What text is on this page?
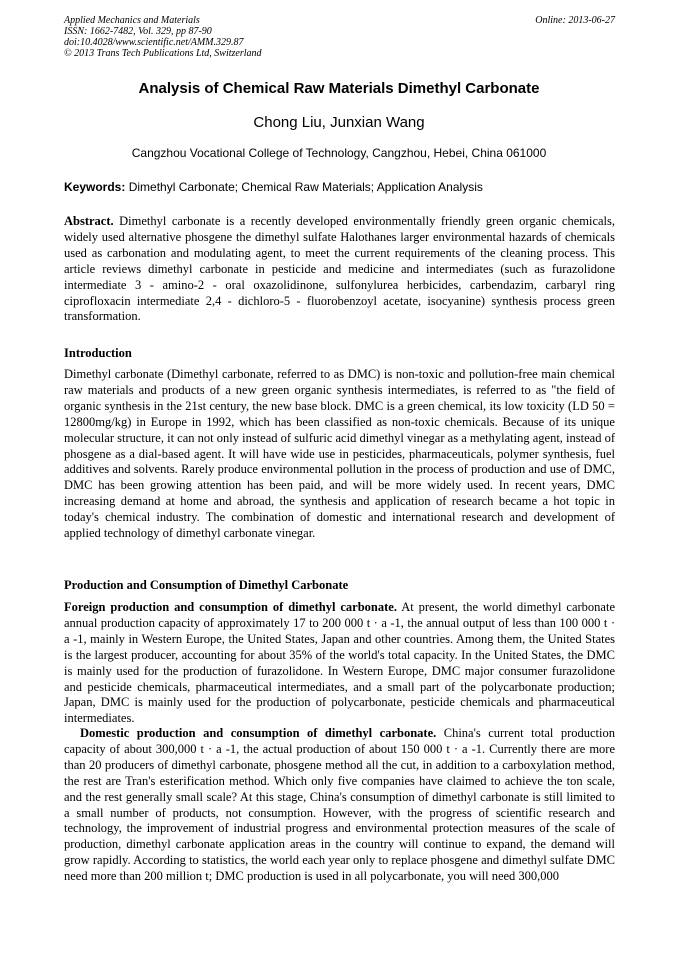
Applied Mechanics and Materials
ISSN: 1662-7482, Vol. 329, pp 87-90
doi:10.4028/www.scientific.net/AMM.329.87
© 2013 Trans Tech Publications Ltd, Switzerland
Online: 2013-06-27
Analysis of Chemical Raw Materials Dimethyl Carbonate
Chong Liu, Junxian Wang
Cangzhou Vocational College of Technology, Cangzhou, Hebei, China 061000
Keywords: Dimethyl Carbonate; Chemical Raw Materials; Application Analysis
Abstract. Dimethyl carbonate is a recently developed environmentally friendly green organic chemicals, widely used alternative phosgene the dimethyl sulfate Halothanes larger environmental hazards of chemicals used as carbonation and modulating agent, to meet the current requirements of the cleaning process. This article reviews dimethyl carbonate in pesticide and medicine and intermediates (such as furazolidone intermediate 3 - amino-2 - oral oxazolidinone, sulfonylurea herbicides, carbendazim, carbaryl ring ciprofloxacin intermediate 2,4 - dichloro-5 - fluorobenzoyl acetate, isocyanine) synthesis process green transformation.
Introduction
Dimethyl carbonate (Dimethyl carbonate, referred to as DMC) is non-toxic and pollution-free main chemical raw materials and products of a new green organic synthesis intermediates, is referred to as "the field of organic synthesis in the 21st century, the new base block. DMC is a green chemical, its low toxicity (LD 50 = 12800mg/kg) in Europe in 1992, which has been classified as non-toxic chemicals. Because of its unique molecular structure, it can not only instead of sulfuric acid dimethyl vinegar as a methylating agent, instead of phosgene as a dial-based agent. It will have wide use in pesticides, pharmaceuticals, polymer synthesis, fuel additives and solvents. Rarely produce environmental pollution in the process of production and use of DMC, DMC has been growing attention has been paid, and will be more widely used. In recent years, DMC increasing demand at home and abroad, the synthesis and application of research became a hot topic in today's chemical industry. The combination of domestic and international research and development of applied technology of dimethyl carbonate vinegar.
Production and Consumption of Dimethyl Carbonate
Foreign production and consumption of dimethyl carbonate. At present, the world dimethyl carbonate annual production capacity of approximately 17 to 200 000 t · a -1, the annual output of less than 100 000 t · a -1, mainly in Western Europe, the United States, Japan and other countries. Among them, the United States is the largest producer, accounting for about 35% of the world's total capacity. In the United States, the DMC is mainly used for the production of furazolidone. In Western Europe, DMC major consumer furazolidone and pesticide chemicals, pharmaceutical intermediates, and a small part of the polycarbonate production; Japan, DMC is mainly used for the production of polycarbonate, pesticide chemicals and pharmaceutical intermediates.
Domestic production and consumption of dimethyl carbonate. China's current total production capacity of about 300,000 t · a -1, the actual production of about 150 000 t · a -1. Currently there are more than 20 producers of dimethyl carbonate, phosgene method all the cut, in addition to a carboxylation method, the rest are Tran's esterification method. Which only five companies have claimed to achieve the ton scale, and the rest generally small scale? At this stage, China's consumption of dimethyl carbonate is still limited to a small number of products, not consumption. However, with the progress of scientific research and technology, the improvement of industrial progress and environmental protection measures of the scale of production, dimethyl carbonate application areas in the country will continue to expand, the demand will grow rapidly. According to statistics, the world each year only to replace phosgene and dimethyl sulfate DMC need more than 200 million t; DMC production is used in all polycarbonate, you will need 300,000
